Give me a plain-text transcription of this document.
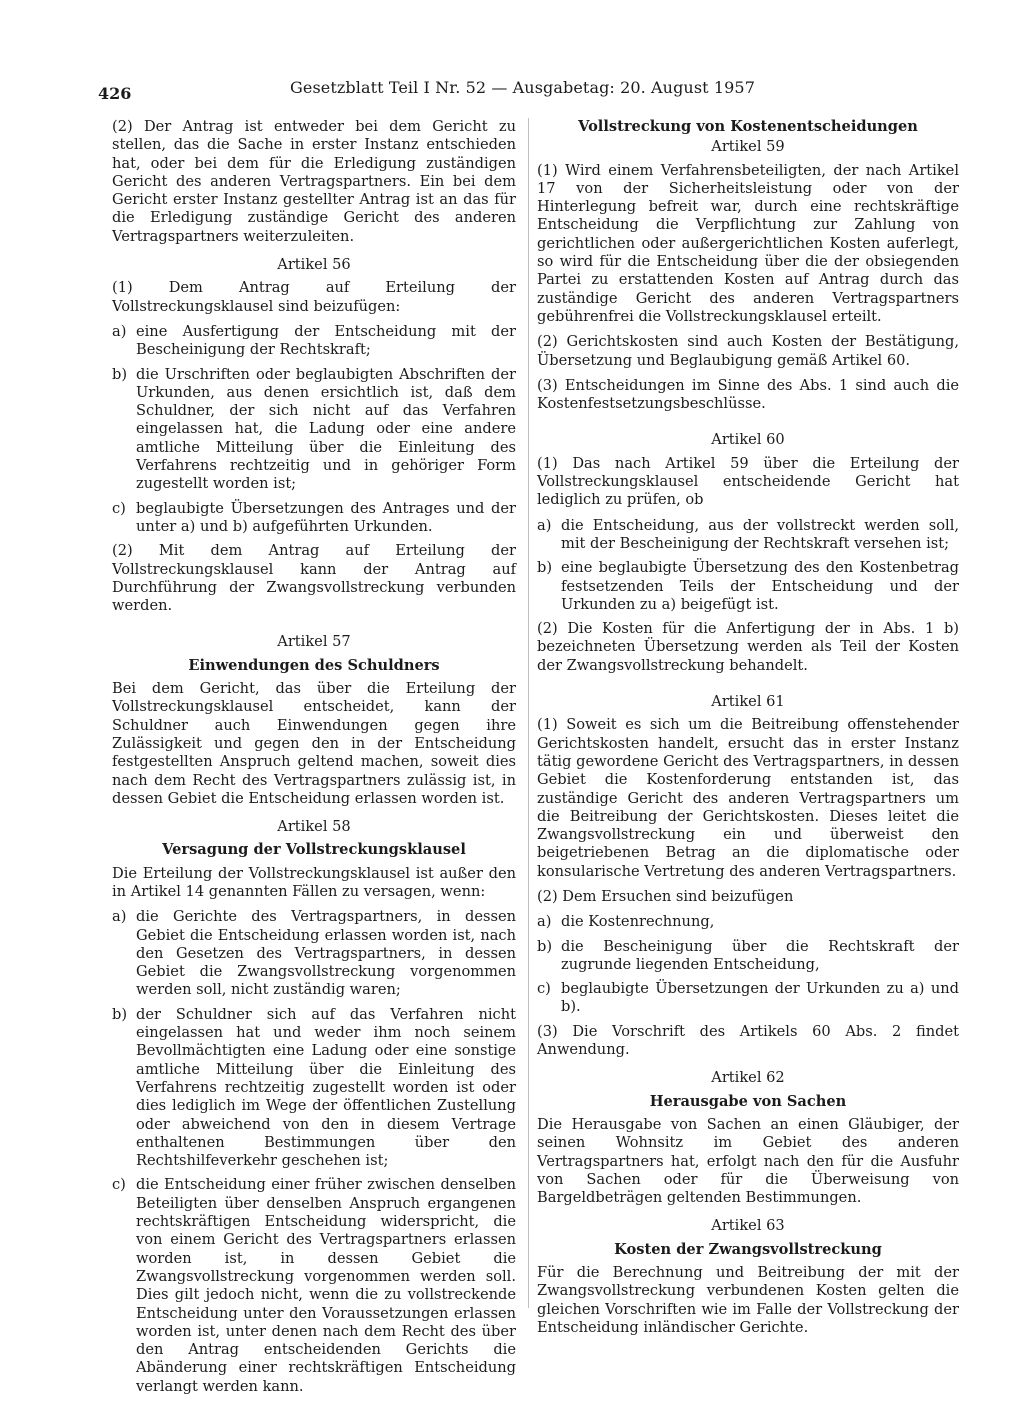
426	Gesetzblatt Teil I Nr. 52 — Ausgabetag: 20. August 1957

(2) Der Antrag ist entweder bei dem Gericht zu stellen, das die Sache in erster Instanz entschieden hat, oder bei dem für die Erledigung zuständigen Gericht des anderen Vertragspartners. Ein bei dem Gericht erster Instanz gestellter Antrag ist an das für die Erledigung zuständige Gericht des anderen Vertragspartners weiterzuleiten.

Artikel 56

(1) Dem Antrag auf Erteilung der Vollstreckungsklausel sind beizufügen:

a) eine Ausfertigung der Entscheidung mit der Bescheinigung der Rechtskraft;
b) die Urschriften oder beglaubigten Abschriften der Urkunden, aus denen ersichtlich ist, daß dem Schuldner, der sich nicht auf das Verfahren eingelassen hat, die Ladung oder eine andere amtliche Mitteilung über die Einleitung des Verfahrens rechtzeitig und in gehöriger Form zugestellt worden ist;
c) beglaubigte Übersetzungen des Antrages und der unter a) und b) aufgeführten Urkunden.

(2) Mit dem Antrag auf Erteilung der Vollstreckungsklausel kann der Antrag auf Durchführung der Zwangsvollstreckung verbunden werden.

Artikel 57
Einwendungen des Schuldners

Bei dem Gericht, das über die Erteilung der Vollstreckungsklausel entscheidet, kann der Schuldner auch Einwendungen gegen ihre Zulässigkeit und gegen den in der Entscheidung festgestellten Anspruch geltend machen, soweit dies nach dem Recht des Vertragspartners zulässig ist, in dessen Gebiet die Entscheidung erlassen worden ist.

Artikel 58
Versagung der Vollstreckungsklausel

Die Erteilung der Vollstreckungsklausel ist außer den in Artikel 14 genannten Fällen zu versagen, wenn:

a) die Gerichte des Vertragspartners, in dessen Gebiet die Entscheidung erlassen worden ist, nach den Gesetzen des Vertragspartners, in dessen Gebiet die Zwangsvollstreckung vorgenommen werden soll, nicht zuständig waren;
b) der Schuldner sich auf das Verfahren nicht eingelassen hat und weder ihm noch seinem Bevollmächtigten eine Ladung oder eine sonstige amtliche Mitteilung über die Einleitung des Verfahrens rechtzeitig zugestellt worden ist oder dies lediglich im Wege der öffentlichen Zustellung oder abweichend von den in diesem Vertrage enthaltenen Bestimmungen über den Rechtshilfeverkehr geschehen ist;
c) die Entscheidung einer früher zwischen denselben Beteiligten über denselben Anspruch ergangenen rechtskräftigen Entscheidung widerspricht, die von einem Gericht des Vertragspartners erlassen worden ist, in dessen Gebiet die Zwangsvollstreckung vorgenommen werden soll. Dies gilt jedoch nicht, wenn die zu vollstreckende Entscheidung unter den Voraussetzungen erlassen worden ist, unter denen nach dem Recht des über den Antrag entscheidenden Gerichts die Abänderung einer rechtskräftigen Entscheidung verlangt werden kann.
Vollstreckung von Kostenentscheidungen
Artikel 59

(1) Wird einem Verfahrensbeteiligten, der nach Artikel 17 von der Sicherheitsleistung oder von der Hinterlegung befreit war, durch eine rechtskräftige Entscheidung die Verpflichtung zur Zahlung von gerichtlichen oder außergerichtlichen Kosten auferlegt, so wird für die Entscheidung über die der obsiegenden Partei zu erstattenden Kosten auf Antrag durch das zuständige Gericht des anderen Vertragspartners gebührenfrei die Vollstreckungsklausel erteilt.

(2) Gerichtskosten sind auch Kosten der Bestätigung, Übersetzung und Beglaubigung gemäß Artikel 60.

(3) Entscheidungen im Sinne des Abs. 1 sind auch die Kostenfestsetzungsbeschlüsse.

Artikel 60

(1) Das nach Artikel 59 über die Erteilung der Vollstreckungsklausel entscheidende Gericht hat lediglich zu prüfen, ob

a) die Entscheidung, aus der vollstreckt werden soll, mit der Bescheinigung der Rechtskraft versehen ist;
b) eine beglaubigte Übersetzung des den Kostenbetrag festsetzenden Teils der Entscheidung und der Urkunden zu a) beigefügt ist.

(2) Die Kosten für die Anfertigung der in Abs. 1 b) bezeichneten Übersetzung werden als Teil der Kosten der Zwangsvollstreckung behandelt.

Artikel 61

(1) Soweit es sich um die Beitreibung offenstehender Gerichtskosten handelt, ersucht das in erster Instanz tätig gewordene Gericht des Vertragspartners, in dessen Gebiet die Kostenforderung entstanden ist, das zuständige Gericht des anderen Vertragspartners um die Beitreibung der Gerichtskosten. Dieses leitet die Zwangsvollstreckung ein und überweist den beigetriebenen Betrag an die diplomatische oder konsularische Vertretung des anderen Vertragspartners.

(2) Dem Ersuchen sind beizufügen

a) die Kostenrechnung,
b) die Bescheinigung über die Rechtskraft der zugrunde liegenden Entscheidung,
c) beglaubigte Übersetzungen der Urkunden zu a) und b).

(3) Die Vorschrift des Artikels 60 Abs. 2 findet Anwendung.

Artikel 62
Herausgabe von Sachen

Die Herausgabe von Sachen an einen Gläubiger, der seinen Wohnsitz im Gebiet des anderen Vertragspartners hat, erfolgt nach den für die Ausfuhr von Sachen oder für die Überweisung von Bargeldbeträgen geltenden Bestimmungen.

Artikel 63
Kosten der Zwangsvollstreckung

Für die Berechnung und Beitreibung der mit der Zwangsvollstreckung verbundenen Kosten gelten die gleichen Vorschriften wie im Falle der Vollstreckung der Entscheidung inländischer Gerichte.
